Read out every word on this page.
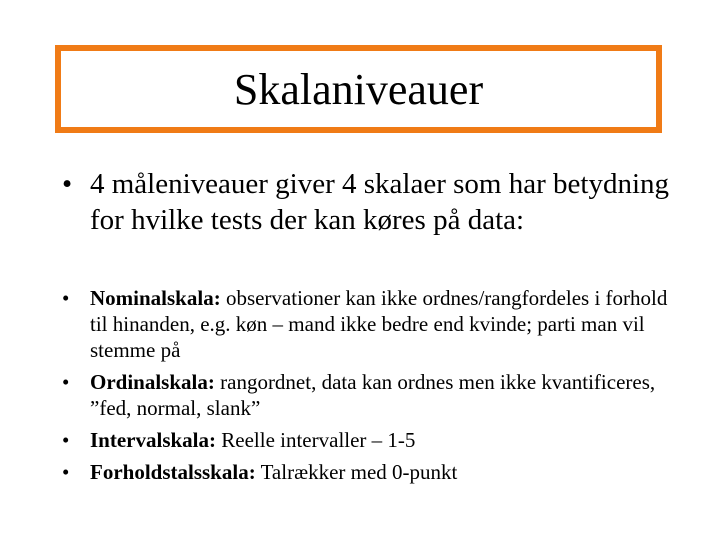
Skalaniveauer
• 4 måleniveauer giver 4 skalaer som har betydning for hvilke tests der kan køres på data:
• Nominalskala: observationer kan ikke ordnes/rangfordeles i forhold til hinanden, e.g. køn – mand ikke bedre end kvinde; parti man vil stemme på
• Ordinalskala: rangordnet, data kan ordnes men ikke kvantificeres, ”fed, normal, slank”
• Intervalskala: Reelle intervaller – 1-5
• Forholdstalsskala: Talrækker med 0-punkt
